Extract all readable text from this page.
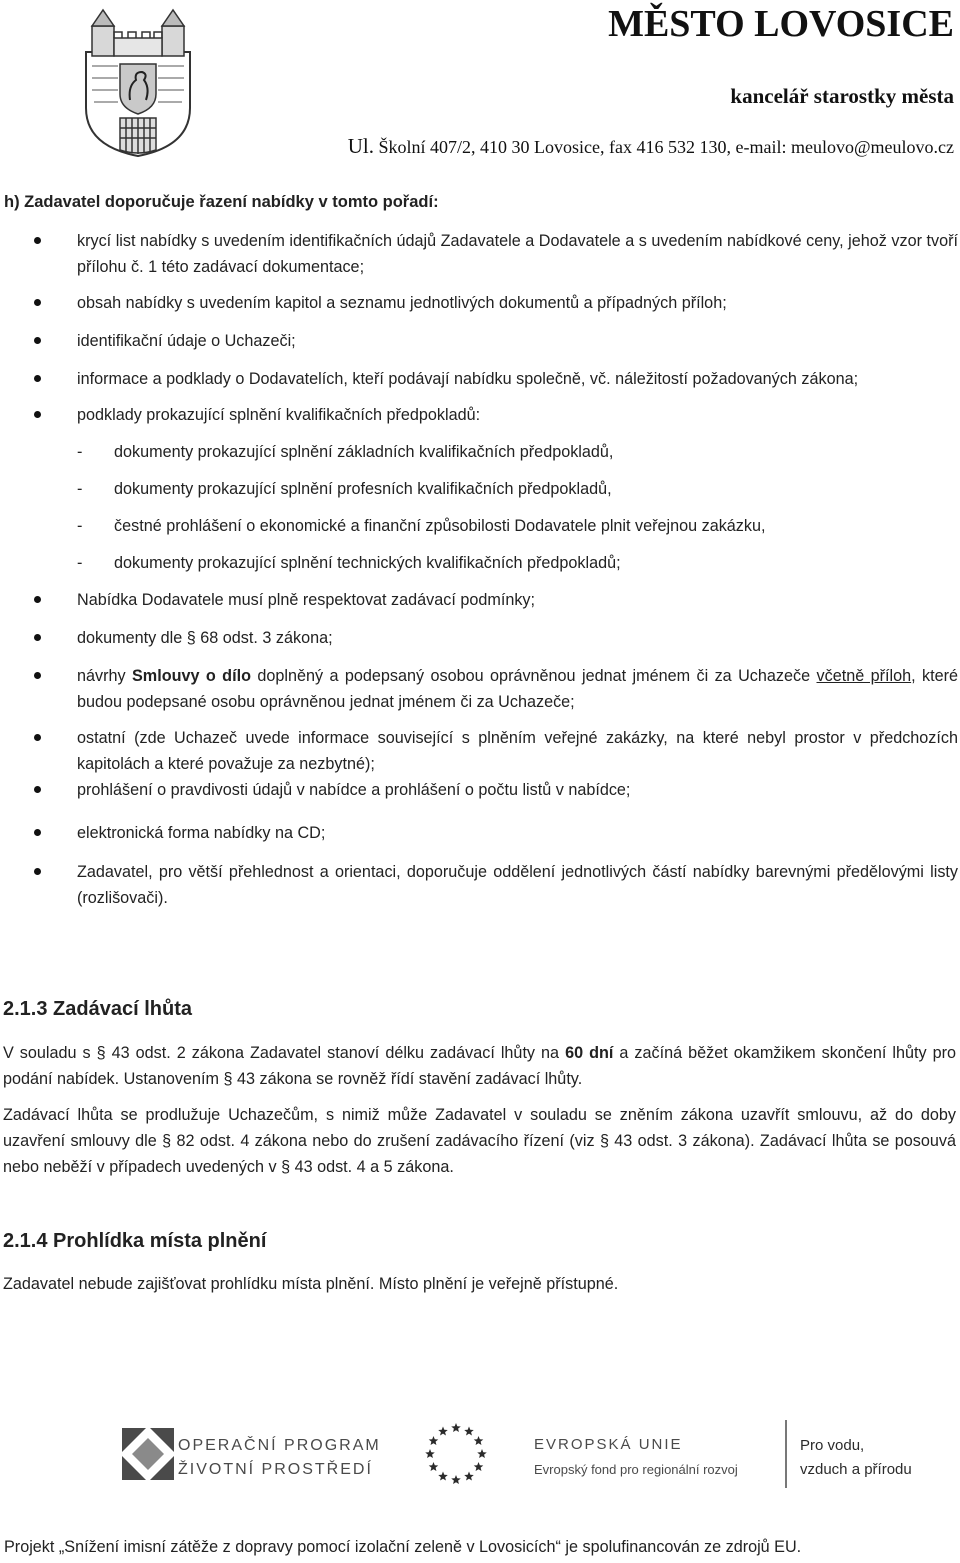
MĚSTO LOVOSICE
kancelář starostky města
Ul. Školní 407/2, 410 30 Lovosice, fax 416 532 130, e-mail: meulovo@meulovo.cz
h) Zadavatel doporučuje řazení nabídky v tomto pořadí:
krycí list nabídky s uvedením identifikačních údajů Zadavatele a Dodavatele a s uvedením nabídkové ceny, jehož vzor tvoří přílohu č. 1 této zadávací dokumentace;
obsah nabídky s uvedením kapitol a seznamu jednotlivých dokumentů a případných příloh;
identifikační údaje o Uchazeči;
informace a podklady o Dodavatelích, kteří podávají nabídku společně, vč. náležitostí požadovaných zákona;
podklady prokazující splnění kvalifikačních předpokladů:
- dokumenty prokazující splnění základních kvalifikačních předpokladů,
- dokumenty prokazující splnění profesních kvalifikačních předpokladů,
- čestné prohlášení o ekonomické a finanční způsobilosti Dodavatele plnit veřejnou zakázku,
- dokumenty prokazující splnění technických kvalifikačních předpokladů;
Nabídka Dodavatele musí plně respektovat zadávací podmínky;
dokumenty dle § 68 odst. 3 zákona;
návrhy Smlouvy o dílo doplněný a podepsaný osobou oprávněnou jednat jménem či za Uchazeče včetně příloh, které budou podepsané osobu oprávněnou jednat jménem či za Uchazeče;
ostatní (zde Uchazeč uvede informace související s plněním veřejné zakázky, na které nebyl prostor v předchozích kapitolách a které považuje za nezbytné);
prohlášení o pravdivosti údajů v nabídce a prohlášení o počtu listů v nabídce;
elektronická forma nabídky na CD;
Zadavatel, pro větší přehlednost a orientaci, doporučuje oddělení jednotlivých částí nabídky barevnými předělovými listy (rozlišovači).
2.1.3 Zadávací lhůta
V souladu s § 43 odst. 2 zákona Zadavatel stanoví délku zadávací lhůty na 60 dní a začíná běžet okamžikem skončení lhůty pro podání nabídek. Ustanovením § 43 zákona se rovněž řídí stavění zadávací lhůty.
Zadávací lhůta se prodlužuje Uchazečům, s nimiž může Zadavatel v souladu se zněním zákona uzavřít smlouvu, až do doby uzavření smlouvy dle § 82 odst. 4 zákona nebo do zrušení zadávacího řízení (viz § 43 odst. 3 zákona). Zadávací lhůta se posouvá nebo neběží v případech uvedených v § 43 odst. 4 a 5 zákona.
2.1.4 Prohlídka místa plnění
Zadavatel nebude zajišťovat prohlídku místa plnění. Místo plnění je veřejně přístupné.
OPERAČNÍ PROGRAM
ŽIVOTNÍ PROSTŘEDÍ
EVROPSKÁ UNIE
Evropský fond pro regionální rozvoj
Pro vodu,
vzduch a přírodu
Projekt „Snížení imisní zátěže z dopravy pomocí izolační zeleně v Lovosicích“ je spolufinancován ze zdrojů EU.
